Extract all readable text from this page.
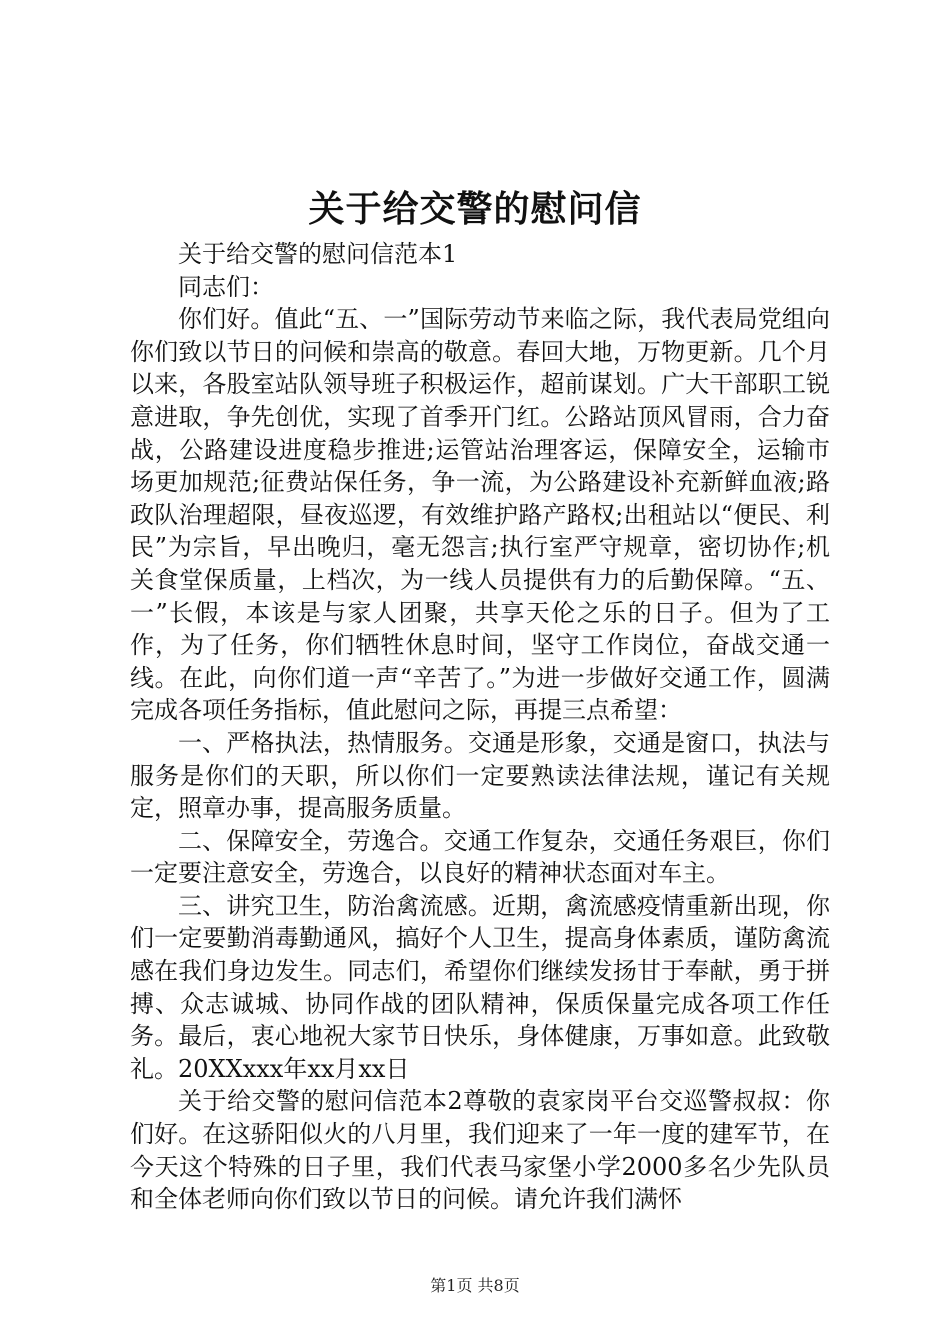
关于给交警的慰问信

关于给交警的慰问信范本1

同志们：

你们好。值此“五、一”国际劳动节来临之际，我代表局党组向你们致以节日的问候和崇高的敬意。春回大地，万物更新。几个月以来，各股室站队领导班子积极运作，超前谋划。广大干部职工锐意进取，争先创优，实现了首季开门红。公路站顶风冒雨，合力奋战，公路建设进度稳步推进;运管站治理客运，保障安全，运输市场更加规范;征费站保任务，争一流，为公路建设补充新鲜血液;路政队治理超限，昼夜巡逻，有效维护路产路权;出租站以“便民、利民”为宗旨，早出晚归，毫无怨言;执行室严守规章，密切协作;机关食堂保质量，上档次，为一线人员提供有力的后勤保障。“五、一”长假，本该是与家人团聚，共享天伦之乐的日子。但为了工作，为了任务，你们牺牲休息时间，坚守工作岗位，奋战交通一线。在此，向你们道一声“辛苦了。”为进一步做好交通工作，圆满完成各项任务指标，值此慰问之际，再提三点希望：

一、严格执法，热情服务。交通是形象，交通是窗口，执法与服务是你们的天职，所以你们一定要熟读法律法规，谨记有关规定，照章办事，提高服务质量。

二、保障安全，劳逸合。交通工作复杂，交通任务艰巨，你们一定要注意安全，劳逸合，以良好的精神状态面对车主。

三、讲究卫生，防治禽流感。近期，禽流感疫情重新出现，你们一定要勤消毒勤通风，搞好个人卫生，提高身体素质，谨防禽流感在我们身边发生。同志们，希望你们继续发扬甘于奉献，勇于拼搏、众志诚城、协同作战的团队精神，保质保量完成各项工作任务。最后，衷心地祝大家节日快乐，身体健康，万事如意。此致敬礼。20XXxxx年xx月xx日

关于给交警的慰问信范本2尊敬的袁家岗平台交巡警叔叔：你们好。在这骄阳似火的八月里，我们迎来了一年一度的建军节，在今天这个特殊的日子里，我们代表马家堡小学2000多名少先队员和全体老师向你们致以节日的问候。请允许我们满怀

第1页 共8页
